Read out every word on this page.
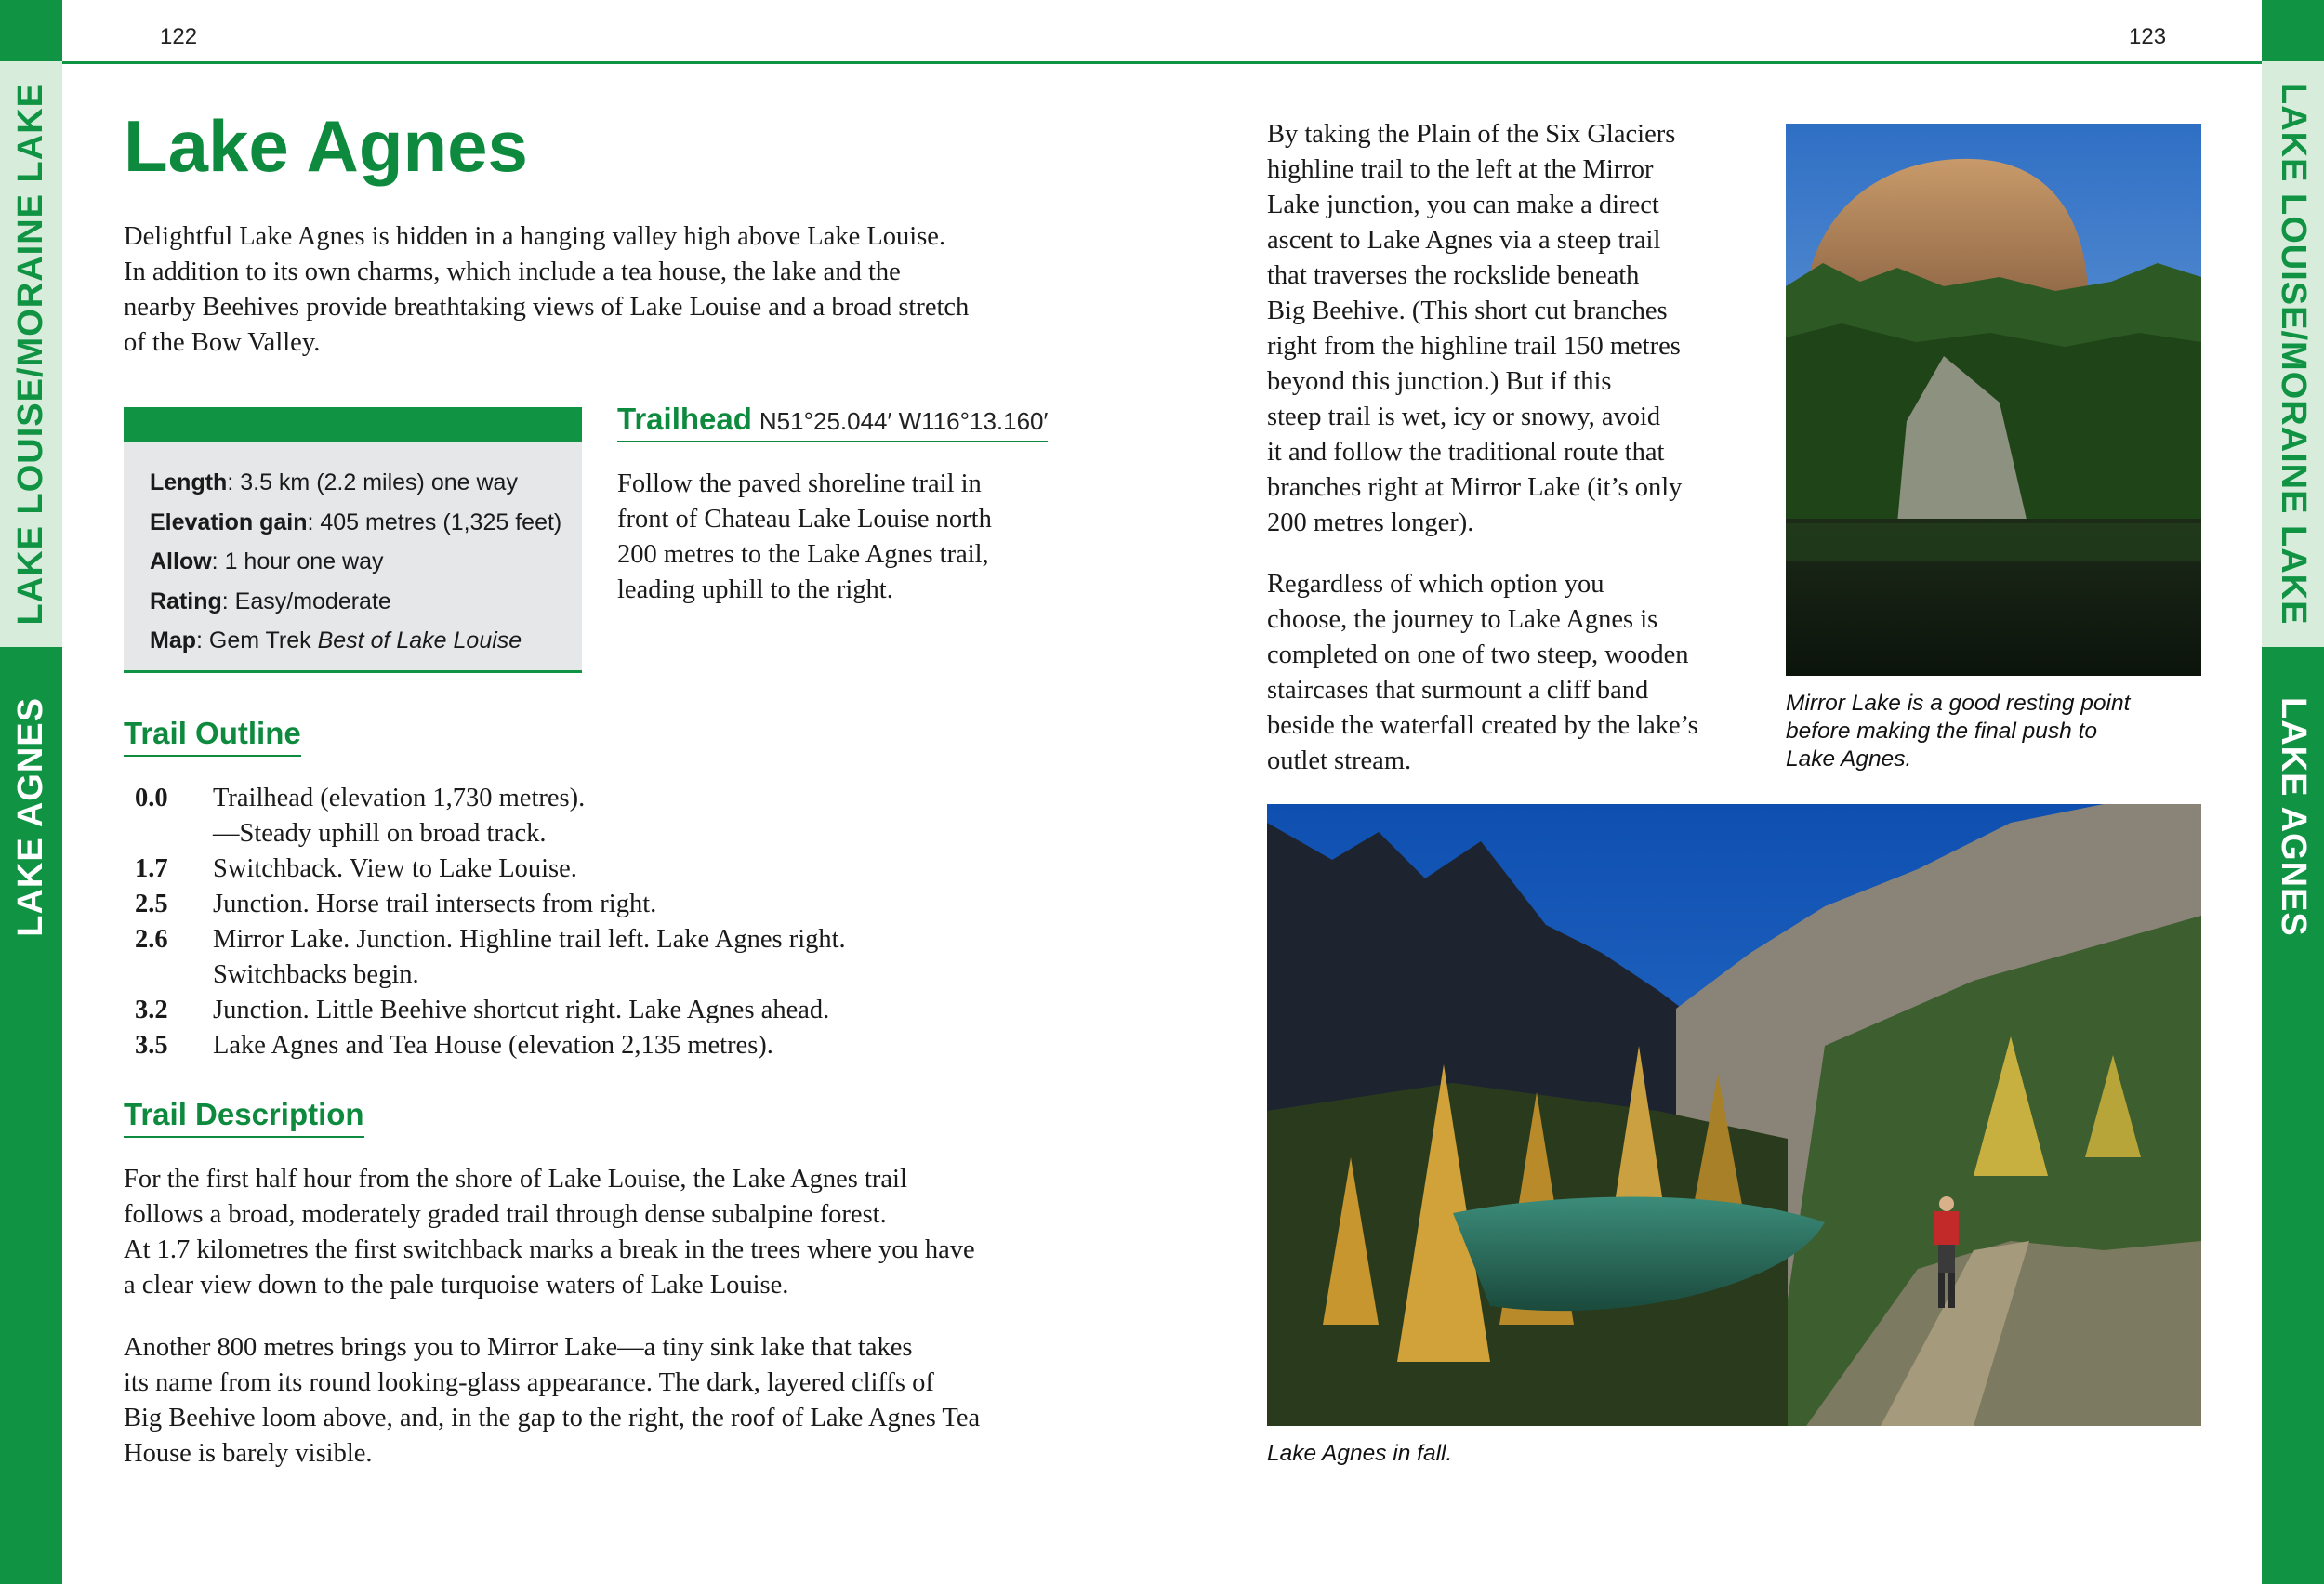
LAKE LOUISE/MORAINE LAKE
LAKE AGNES
LAKE LOUISE/MORAINE LAKE
LAKE AGNES
122	123
Lake Agnes
Delightful Lake Agnes is hidden in a hanging valley high above Lake Louise.
In addition to its own charms, which include a tea house, the lake and the
nearby Beehives provide breathtaking views of Lake Louise and a broad stretch
of the Bow Valley.
Length: 3.5 km (2.2 miles) one way
Elevation gain: 405 metres (1,325 feet)
Allow: 1 hour one way
Rating: Easy/moderate
Map: Gem Trek Best of Lake Louise
Trailhead N51°25.044′ W116°13.160′
Follow the paved shoreline trail in
front of Chateau Lake Louise north
200 metres to the Lake Agnes trail,
leading uphill to the right.
Trail Outline
0.0	Trailhead (elevation 1,730 metres).
—Steady uphill on broad track.
1.7	Switchback. View to Lake Louise.
2.5	Junction. Horse trail intersects from right.
2.6	Mirror Lake. Junction. Highline trail left. Lake Agnes right.
Switchbacks begin.
3.2	Junction. Little Beehive shortcut right. Lake Agnes ahead.
3.5	Lake Agnes and Tea House (elevation 2,135 metres).
Trail Description
For the first half hour from the shore of Lake Louise, the Lake Agnes trail
follows a broad, moderately graded trail through dense subalpine forest.
At 1.7 kilometres the first switchback marks a break in the trees where you have
a clear view down to the pale turquoise waters of Lake Louise.
Another 800 metres brings you to Mirror Lake—a tiny sink lake that takes
its name from its round looking-glass appearance. The dark, layered cliffs of
Big Beehive loom above, and, in the gap to the right, the roof of Lake Agnes Tea
House is barely visible.
By taking the Plain of the Six Glaciers
highline trail to the left at the Mirror
Lake junction, you can make a direct
ascent to Lake Agnes via a steep trail
that traverses the rockslide beneath
Big Beehive. (This short cut branches
right from the highline trail 150 metres
beyond this junction.) But if this
steep trail is wet, icy or snowy, avoid
it and follow the traditional route that
branches right at Mirror Lake (it’s only
200 metres longer).
Regardless of which option you
choose, the journey to Lake Agnes is
completed on one of two steep, wooden
staircases that surmount a cliff band
beside the waterfall created by the lake’s
outlet stream.
Mirror Lake is a good resting point
before making the final push to
Lake Agnes.
Lake Agnes in fall.
